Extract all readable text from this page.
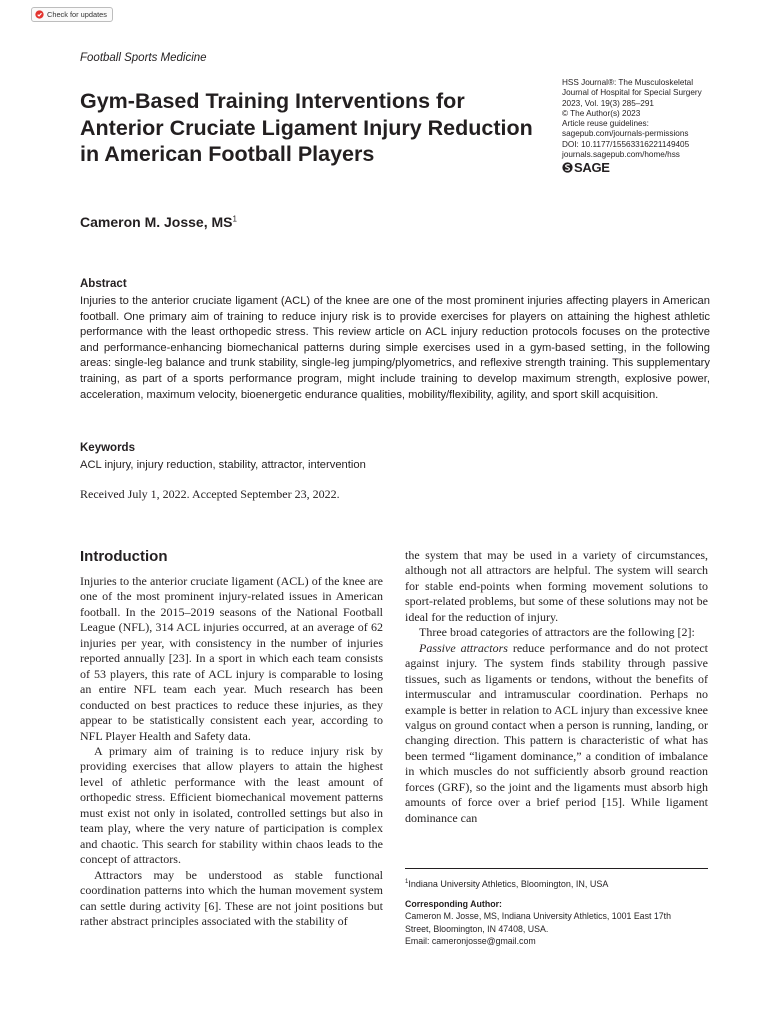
Check for updates
Football Sports Medicine
Gym-Based Training Interventions for Anterior Cruciate Ligament Injury Reduction in American Football Players
HSS Journal®: The Musculoskeletal
Journal of Hospital for Special Surgery
2023, Vol. 19(3) 285–291
© The Author(s) 2023
Article reuse guidelines:
sagepub.com/journals-permissions
DOI: 10.1177/15563316221149405
journals.sagepub.com/home/hss
SAGE
Cameron M. Josse, $MS^1$
Abstract

Injuries to the anterior cruciate ligament (ACL) of the knee are one of the most prominent injuries affecting players in American football. One primary aim of training to reduce injury risk is to provide exercises for players on attaining the highest athletic performance with the least orthopedic stress. This review article on ACL injury reduction protocols focuses on the protective and performance-enhancing biomechanical patterns during simple exercises used in a gym-based setting, in the following areas: single-leg balance and trunk stability, single-leg jumping/plyometrics, and reflexive strength training. This supplementary training, as part of a sports performance program, might include training to develop maximum strength, explosive power, acceleration, maximum velocity, bioenergetic endurance qualities, mobility/flexibility, agility, and sport skill acquisition.

Keywords
ACL injury, injury reduction, stability, attractor, intervention
Received July 1, 2022. Accepted September 23, 2022.
Introduction

Injuries to the anterior cruciate ligament (ACL) of the knee are one of the most prominent injury-related issues in American football. In the 2015–2019 seasons of the National Football League (NFL), 314 ACL injuries occurred, at an average of 62 injuries per year, with consistency in the number of injuries reported annually [23]. In a sport in which each team consists of 53 players, this rate of ACL injury is comparable to losing an entire NFL team each year. Much research has been conducted on best practices to reduce these injuries, as they appear to be statistically consistent each year, according to NFL Player Health and Safety data.

A primary aim of training is to reduce injury risk by providing exercises that allow players to attain the highest level of athletic performance with the least amount of orthopedic stress. Efficient biomechanical movement patterns must exist not only in isolated, controlled settings but also in team play, where the very nature of participation is complex and chaotic. This search for stability within chaos leads to the concept of attractors.

Attractors may be understood as stable functional coordination patterns into which the human movement system can settle during activity [6]. These are not joint positions but rather abstract principles associated with the stability of

the system that may be used in a variety of circumstances, although not all attractors are helpful. The system will search for stable end-points when forming movement solutions to sport-related problems, but some of these solutions may not be ideal for the reduction of injury.

Three broad categories of attractors are the following [2]:

Passive attractors reduce performance and do not protect against injury. The system finds stability through passive tissues, such as ligaments or tendons, without the benefits of intermuscular and intramuscular coordination. Perhaps no example is better in relation to ACL injury than excessive knee valgus on ground contact when a person is running, landing, or changing direction. This pattern is characteristic of what has been termed “ligament dominance,” a condition of imbalance in which muscles do not sufficiently absorb ground reaction forces (GRF), so the joint and the ligaments must absorb high amounts of force over a brief period [15]. While ligament dominance can

$^1$Indiana University Athletics, Bloomington, IN, USA
Corresponding Author:
Cameron M. Josse, MS, Indiana University Athletics, 1001 East 17th
Street, Bloomington, IN 47408, USA.
Email: cameronjosse@gmail.com
